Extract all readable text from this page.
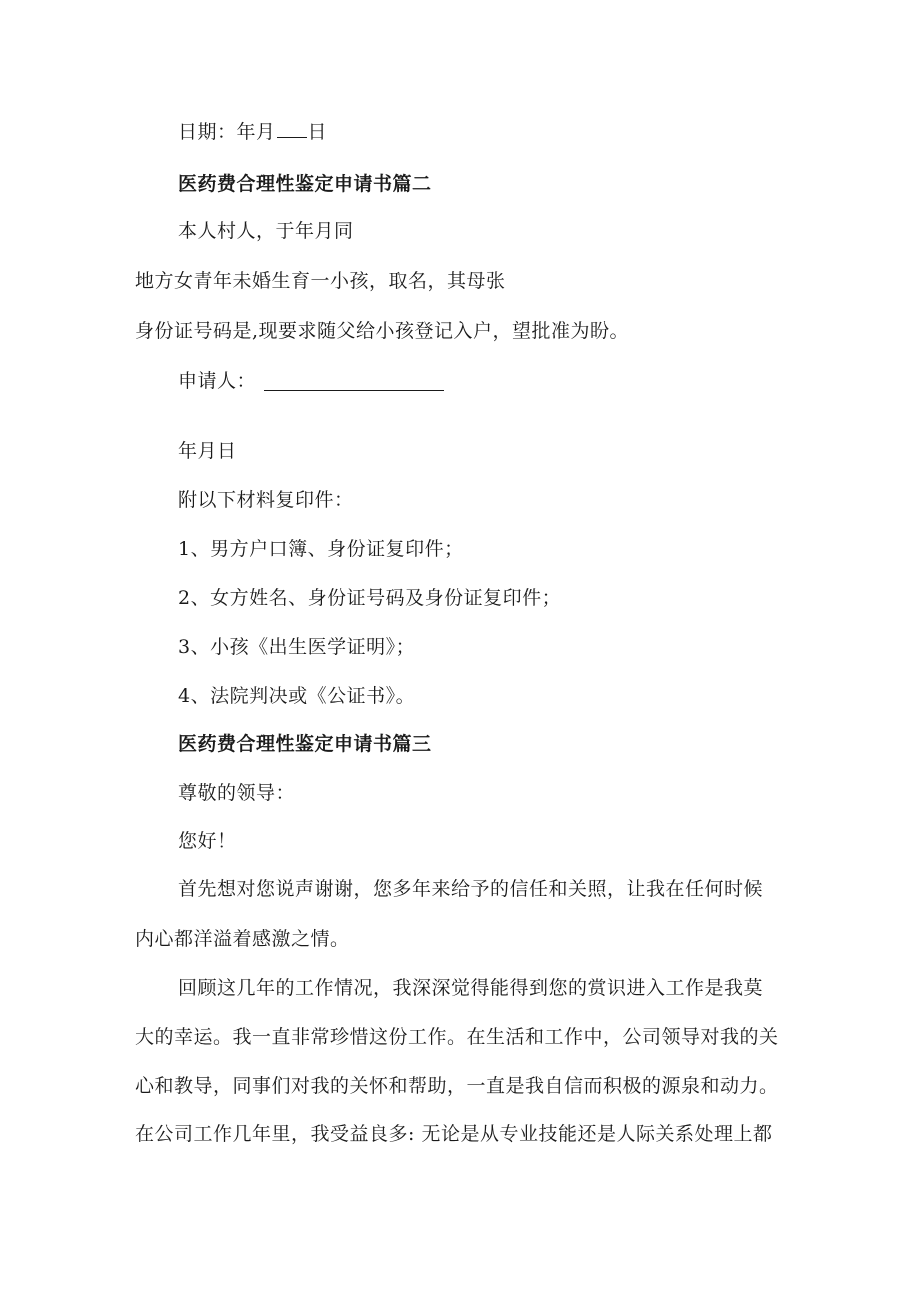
日期：年月 日
医药费合理性鉴定申请书篇二
本人村人，于年月同
地方女青年未婚生育一小孩，取名，其母张
身份证号码是,现要求随父给小孩登记入户，望批准为盼。
申请人：
年月日
附以下材料复印件：
1、男方户口簿、身份证复印件；
2、女方姓名、身份证号码及身份证复印件；
3、小孩《出生医学证明》；
4、法院判决或《公证书》。
医药费合理性鉴定申请书篇三
尊敬的领导：
您好！
首先想对您说声谢谢，您多年来给予的信任和关照，让我在任何时候
内心都洋溢着感激之情。
回顾这几年的工作情况，我深深觉得能得到您的赏识进入工作是我莫
大的幸运。我一直非常珍惜这份工作。在生活和工作中，公司领导对我的关
心和教导，同事们对我的关怀和帮助，一直是我自信而积极的源泉和动力。
在公司工作几年里，我受益良多: 无论是从专业技能还是人际关系处理上都
